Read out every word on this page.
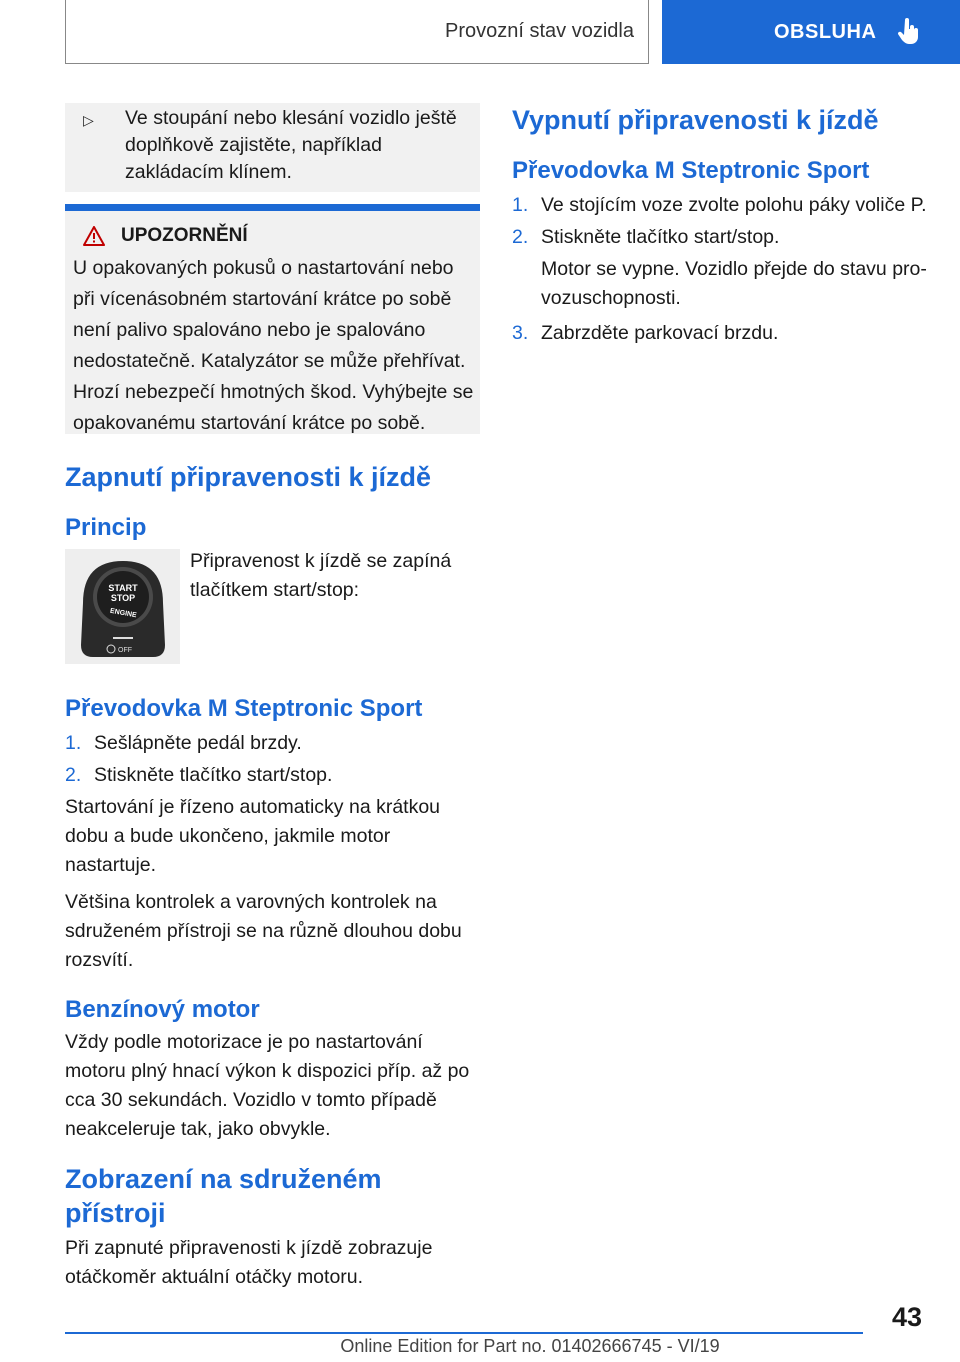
Provozní stav vozidla	OBSLUHA
▷	Ve stoupání nebo klesání vozidlo ještě doplňkově zajistěte, například zakládacím klínem.
UPOZORNĚNÍ
U opakovaných pokusů o nastartování nebo při vícenásobném startování krátce po sobě není palivo spalováno nebo je spalováno nedostatečně. Katalyzátor se může přehřívat. Hrozí nebezpečí hmotných škod. Vyhýbejte se opakovanému startování krátce po sobě.
Zapnutí připravenosti k jízdě
Princip
START
STOP
ENGINE
OFF

Připravenost k jízdě se zapíná tlačítkem start/stop:

Převodovka M Steptronic Sport
1. Sešlápněte pedál brzdy.
2. Stiskněte tlačítko start/stop.

Startování je řízeno automaticky na krátkou dobu a bude ukončeno, jakmile motor nastartuje.

Většina kontrolek a varovných kontrolek na sdruženém přístroji se na různě dlouhou dobu rozsvítí.

Benzínový motor

Vždy podle motorizace je po nastartování motoru plný hnací výkon k dispozici příp. až po cca 30 sekundách. Vozidlo v tomto případě neakceleruje tak, jako obvykle.

Zobrazení na sdruženém přístroji

Při zapnuté připravenosti k jízdě zobrazuje otáčkoměr aktuální otáčky motoru.

Vypnutí připravenosti k jízdě
Převodovka M Steptronic Sport
1. Ve stojícím voze zvolte polohu páky voliče P.
2. Stiskněte tlačítko start/stop.

Motor se vypne. Vozidlo přejde do stavu provozuschopnosti.

3. Zabrzděte parkovací brzdu.
43
Online Edition for Part no. 01402666745 - VI/19
